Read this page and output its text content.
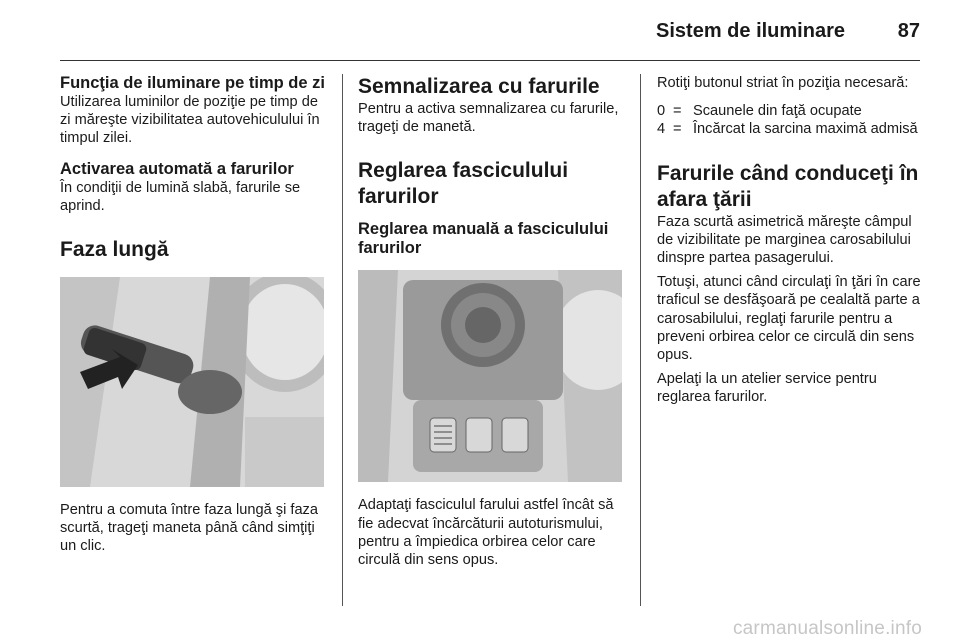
Sistem de iluminare	87
Funcţia de iluminare pe timp de zi

Utilizarea luminilor de poziţie pe timp de zi măreşte vizibilitatea autovehiculului în timpul zilei.

Activarea automată a farurilor

În condiţii de lumină slabă, farurile se aprind.

Faza lungă

Pentru a comuta între faza lungă şi faza scurtă, trageţi maneta până când simţiţi un clic.

Semnalizarea cu farurile

Pentru a activa semnalizarea cu farurile, trageţi de manetă.

Reglarea fasciculului farurilor
Reglarea manuală a fasciculului farurilor

Adaptaţi fasciculul farului astfel încât să fie adecvat încărcăturii autoturismului, pentru a împiedica orbirea celor care circulă din sens opus.

Rotiţi butonul striat în poziţia necesară:

0 = Scaunele din faţă ocupate
4 = Încărcat la sarcina maximă admisă
Farurile când conduceţi în afara ţării

Faza scurtă asimetrică măreşte câmpul de vizibilitate pe marginea carosabilului dinspre partea pasagerului.

Totuşi, atunci când circulaţi în ţări în care traficul se desfăşoară pe cealaltă parte a carosabilului, reglaţi farurile pentru a preveni orbirea celor ce circulă din sens opus.

Apelaţi la un atelier service pentru reglarea farurilor.

carmanualsonline.info
